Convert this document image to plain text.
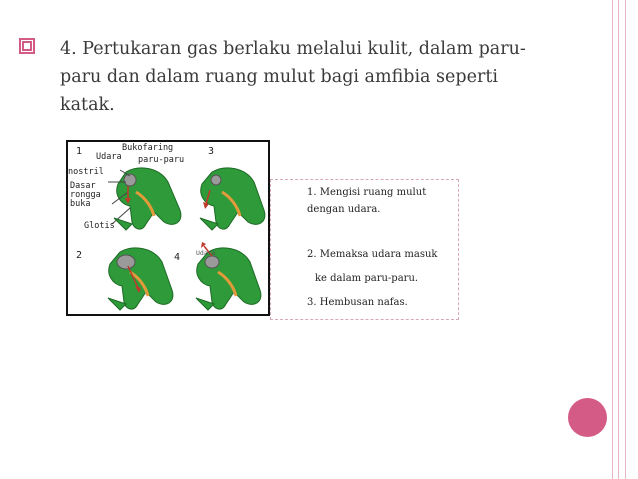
4. Pertukaran gas berlaku melalui kulit, dalam paru-
paru dan dalam ruang mulut bagi amfibia seperti
katak.
1	3
2	4
Bukofaring
Udara paru-paru
nostril
Dasar
rongga
buka
Glotis
Udara
1. Mengisi ruang mulut
dengan udara.
2. Memaksa udara masuk
ke dalam paru-paru.
3. Hembusan nafas.
